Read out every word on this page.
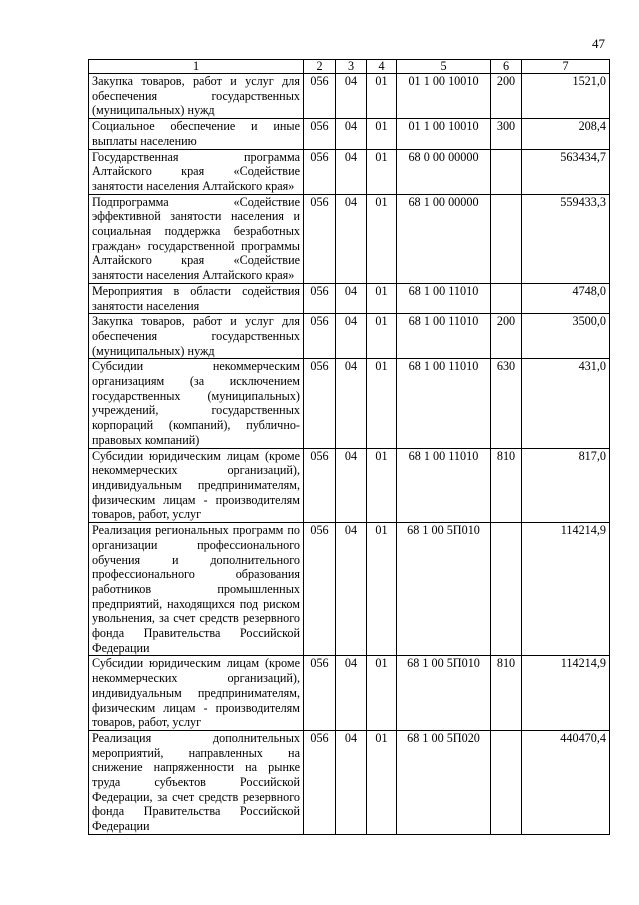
47
1	2	3	4	5	6	7
Закупка товаров, работ и услуг для обеспечения государственных (муниципальных) нужд	056	04	01	01 1 00 10010	200	1521,0
Социальное обеспечение и иные выплаты населению	056	04	01	01 1 00 10010	300	208,4
Государственная программа Алтайского края «Содействие занятости населения Алтайского края»	056	04	01	68 0 00 00000		563434,7
Подпрограмма «Содействие эффективной занятости населения и социальная поддержка безработных граждан» государственной программы Алтайского края «Содействие занятости населения Алтайского края»	056	04	01	68 1 00 00000		559433,3
Мероприятия в области содействия занятости населения	056	04	01	68 1 00 11010		4748,0
Закупка товаров, работ и услуг для обеспечения государственных (муниципальных) нужд	056	04	01	68 1 00 11010	200	3500,0
Субсидии некоммерческим организациям (за исключением государственных (муниципальных) учреждений, государственных корпораций (компаний), публично-правовых компаний)	056	04	01	68 1 00 11010	630	431,0
Субсидии юридическим лицам (кроме некоммерческих организаций), индивидуальным предпринимателям, физическим лицам - производителям товаров, работ, услуг	056	04	01	68 1 00 11010	810	817,0
Реализация региональных программ по организации профессионального обучения и дополнительного профессионального образования работников промышленных предприятий, находящихся под риском увольнения, за счет средств резервного фонда Правительства Российской Федерации	056	04	01	68 1 00 5П010		114214,9
Субсидии юридическим лицам (кроме некоммерческих организаций), индивидуальным предпринимателям, физическим лицам - производителям товаров, работ, услуг	056	04	01	68 1 00 5П010	810	114214,9
Реализация дополнительных мероприятий, направленных на снижение напряженности на рынке труда субъектов Российской Федерации, за счет средств резервного фонда Правительства Российской Федерации	056	04	01	68 1 00 5П020		440470,4
